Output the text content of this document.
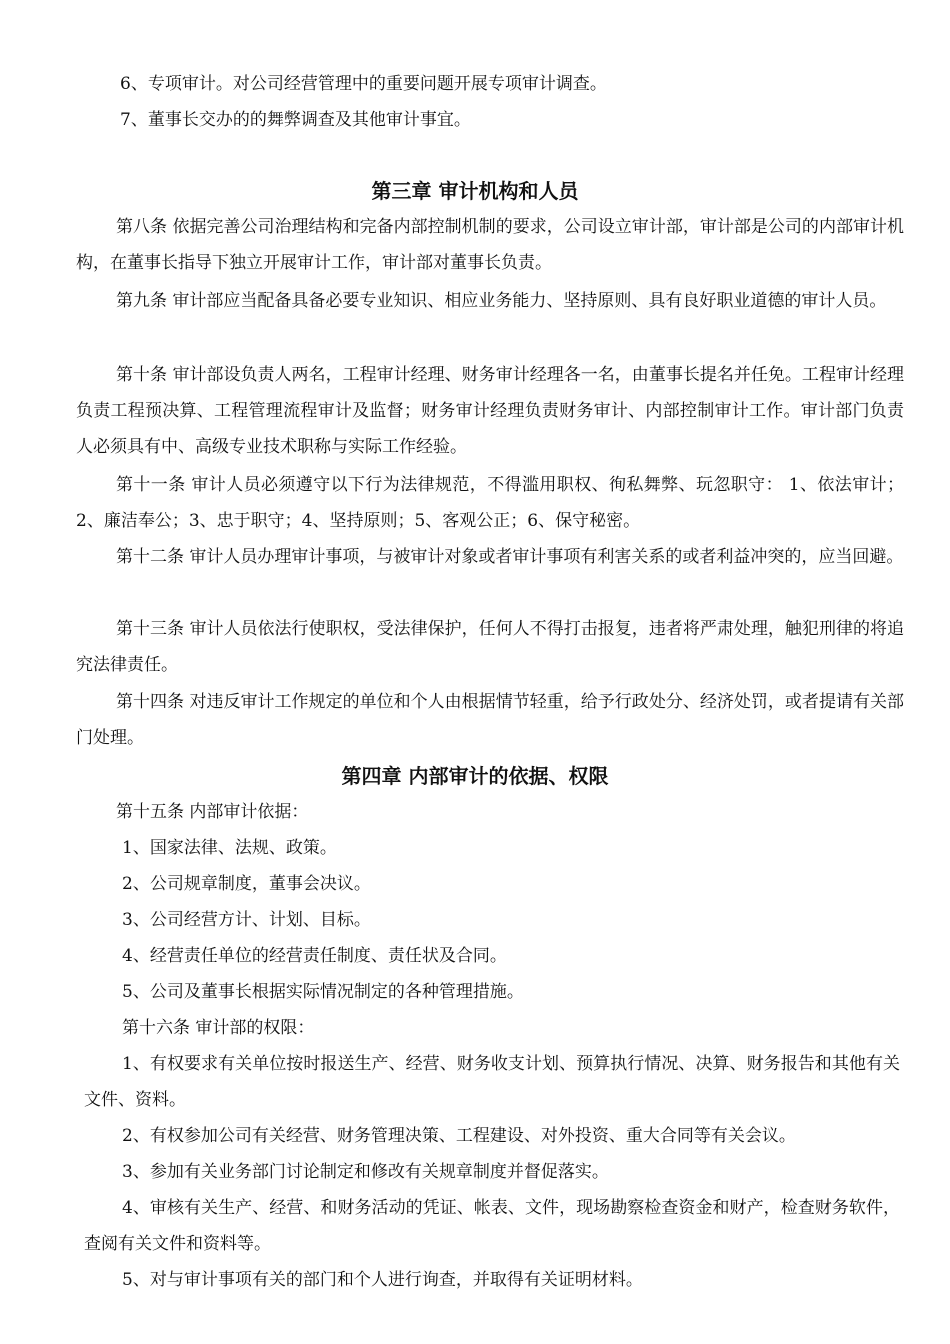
6、专项审计。对公司经营管理中的重要问题开展专项审计调查。

7、董事长交办的的舞弊调查及其他审计事宜。

第三章 审计机构和人员

第八条 依据完善公司治理结构和完备内部控制机制的要求，公司设立审计部，审计部是公司的内部审计机构，在董事长指导下独立开展审计工作，审计部对董事长负责。

第九条 审计部应当配备具备必要专业知识、相应业务能力、坚持原则、具有良好职业道德的审计人员。

第十条 审计部设负责人两名，工程审计经理、财务审计经理各一名，由董事长提名并任免。工程审计经理负责工程预决算、工程管理流程审计及监督；财务审计经理负责财务审计、内部控制审计工作。审计部门负责人必须具有中、高级专业技术职称与实际工作经验。

第十一条 审计人员必须遵守以下行为法律规范，不得滥用职权、徇私舞弊、玩忽职守： 1、依法审计；2、廉洁奉公；3、忠于职守；4、坚持原则；5、客观公正；6、保守秘密。

第十二条 审计人员办理审计事项，与被审计对象或者审计事项有利害关系的或者利益冲突的，应当回避。

第十三条 审计人员依法行使职权，受法律保护，任何人不得打击报复，违者将严肃处理，触犯刑律的将追究法律责任。

第十四条 对违反审计工作规定的单位和个人由根据情节轻重，给予行政处分、经济处罚，或者提请有关部门处理。

第四章 内部审计的依据、权限

第十五条 内部审计依据：

1、国家法律、法规、政策。

2、公司规章制度，董事会决议。

3、公司经营方计、计划、目标。

4、经营责任单位的经营责任制度、责任状及合同。

5、公司及董事长根据实际情况制定的各种管理措施。

第十六条 审计部的权限：

1、有权要求有关单位按时报送生产、经营、财务收支计划、预算执行情况、决算、财务报告和其他有关文件、资料。

2、有权参加公司有关经营、财务管理决策、工程建设、对外投资、重大合同等有关会议。

3、参加有关业务部门讨论制定和修改有关规章制度并督促落实。

4、审核有关生产、经营、和财务活动的凭证、帐表、文件，现场勘察检查资金和财产，检查财务软件，查阅有关文件和资料等。

5、对与审计事项有关的部门和个人进行询查，并取得有关证明材料。
